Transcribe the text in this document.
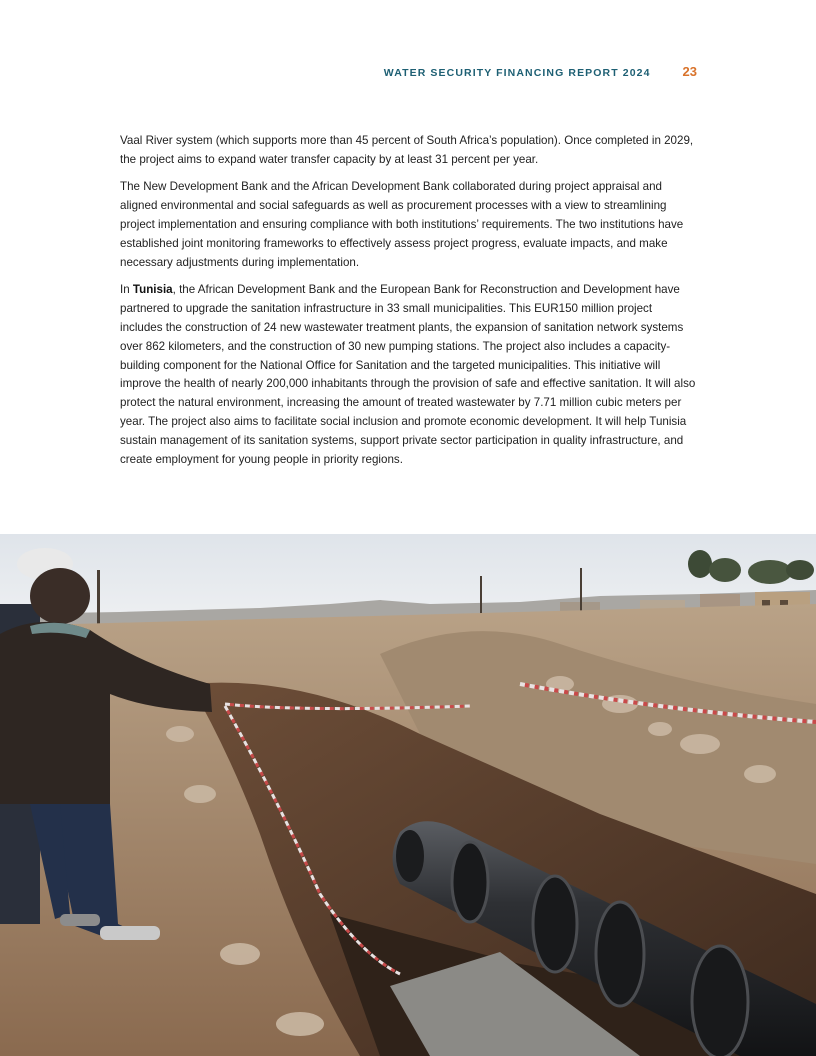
WATER SECURITY FINANCING REPORT 2024 23

Vaal River system (which supports more than 45 percent of South Africa’s population). Once completed in 2029, the project aims to expand water transfer capacity by at least 31 percent per year.

The New Development Bank and the African Development Bank collaborated during project appraisal and aligned environmental and social safeguards as well as procurement processes with a view to streamlining project implementation and ensuring compliance with both institutions’ requirements. The two institutions have established joint monitoring frameworks to effectively assess project progress, evaluate impacts, and make necessary adjustments during implementation.

In Tunisia, the African Development Bank and the European Bank for Reconstruction and Development have partnered to upgrade the sanitation infrastructure in 33 small municipalities. This EUR150 million project includes the construction of 24 new wastewater treatment plants, the expansion of sanitation network systems over 862 kilometers, and the construction of 30 new pumping stations. The project also includes a capacity-building component for the National Office for Sanitation and the targeted municipalities. This initiative will improve the health of nearly 200,000 inhabitants through the provision of safe and effective sanitation. It will also protect the natural environment, increasing the amount of treated wastewater by 7.71 million cubic meters per year. The project also aims to facilitate social inclusion and promote economic development. It will help Tunisia sustain management of its sanitation systems, support private sector participation in quality infrastructure, and create employment for young people in priority regions.
